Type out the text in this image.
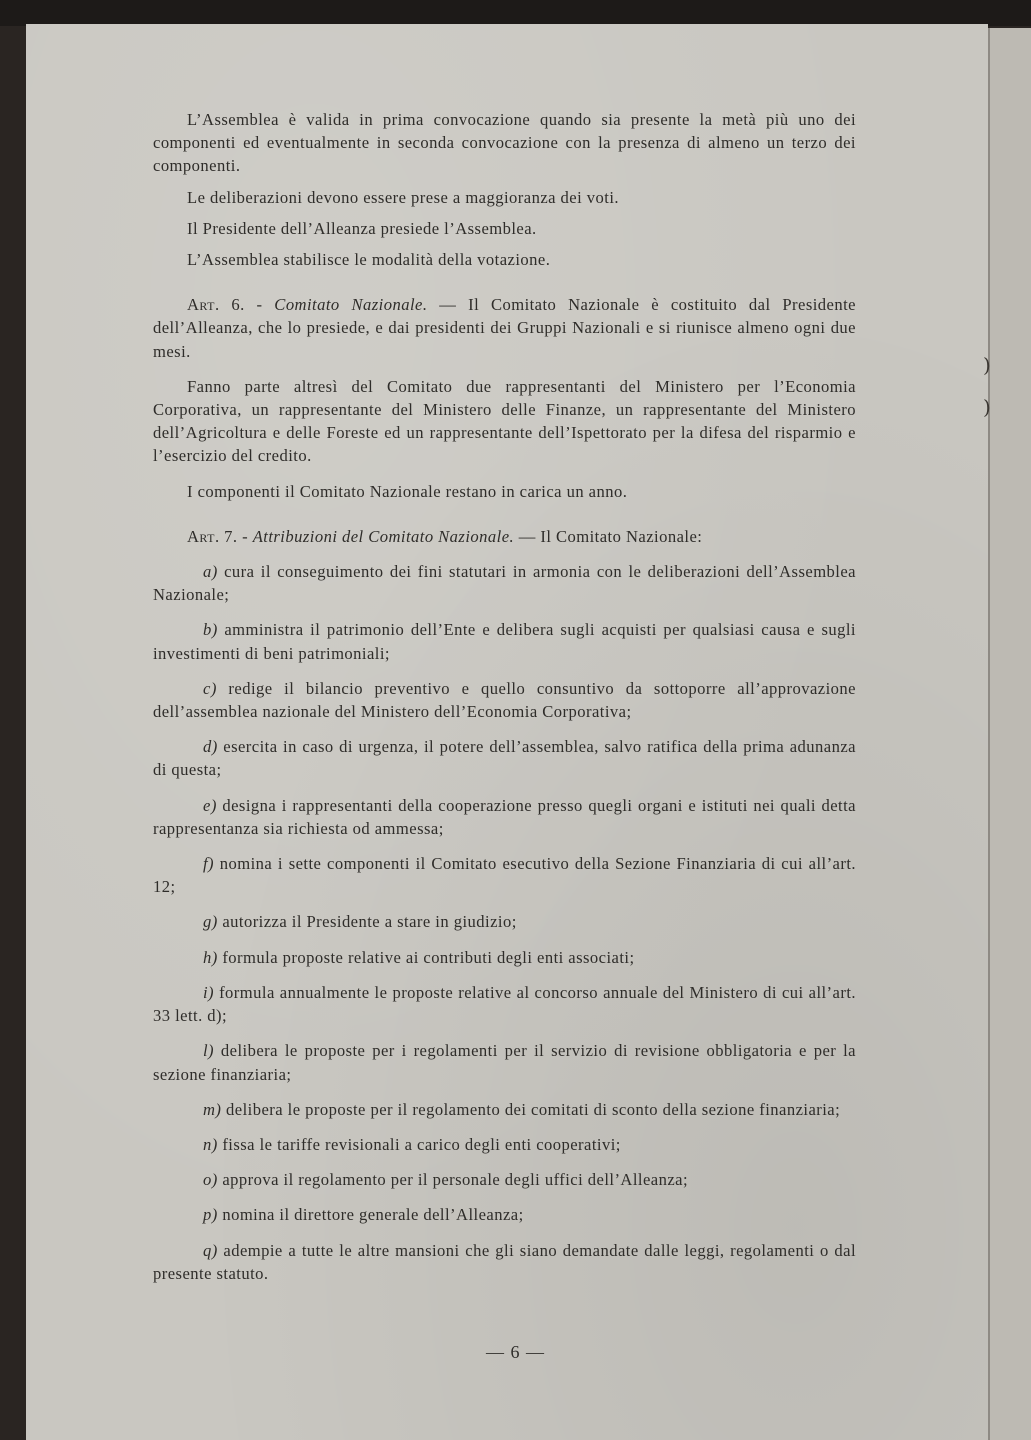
)
)

L’Assemblea è valida in prima convocazione quando sia presente la metà più uno dei componenti ed eventualmente in seconda convocazione con la presenza di almeno un terzo dei componenti.

Le deliberazioni devono essere prese a maggioranza dei voti.

Il Presidente dell’Alleanza presiede l’Assemblea.

L’Assemblea stabilisce le modalità della votazione.

Art. 6. - Comitato Nazionale. — Il Comitato Nazionale è costituito dal Presidente dell’Alleanza, che lo presiede, e dai presidenti dei Gruppi Nazionali e si riunisce almeno ogni due mesi.

Fanno parte altresì del Comitato due rappresentanti del Ministero per l’Economia Corporativa, un rappresentante del Ministero delle Finanze, un rappresentante del Ministero dell’Agricoltura e delle Foreste ed un rappresentante dell’Ispettorato per la difesa del risparmio e l’esercizio del credito.

I componenti il Comitato Nazionale restano in carica un anno.

Art. 7. - Attribuzioni del Comitato Nazionale. — Il Comitato Nazionale:

a) cura il conseguimento dei fini statutari in armonia con le deliberazioni dell’Assemblea Nazionale;

b) amministra il patrimonio dell’Ente e delibera sugli acquisti per qualsiasi causa e sugli investimenti di beni patrimoniali;

c) redige il bilancio preventivo e quello consuntivo da sottoporre all’approvazione dell’assemblea nazionale del Ministero dell’Economia Corporativa;

d) esercita in caso di urgenza, il potere dell’assemblea, salvo ratifica della prima adunanza di questa;

e) designa i rappresentanti della cooperazione presso quegli organi e istituti nei quali detta rappresentanza sia richiesta od ammessa;

f) nomina i sette componenti il Comitato esecutivo della Sezione Finanziaria di cui all’art. 12;

g) autorizza il Presidente a stare in giudizio;

h) formula proposte relative ai contributi degli enti associati;

i) formula annualmente le proposte relative al concorso annuale del Ministero di cui all’art. 33 lett. d);

l) delibera le proposte per i regolamenti per il servizio di revisione obbligatoria e per la sezione finanziaria;

m) delibera le proposte per il regolamento dei comitati di sconto della sezione finanziaria;

n) fissa le tariffe revisionali a carico degli enti cooperativi;

o) approva il regolamento per il personale degli uffici dell’Alleanza;

p) nomina il direttore generale dell’Alleanza;

q) adempie a tutte le altre mansioni che gli siano demandate dalle leggi, regolamenti o dal presente statuto.

— 6 —
